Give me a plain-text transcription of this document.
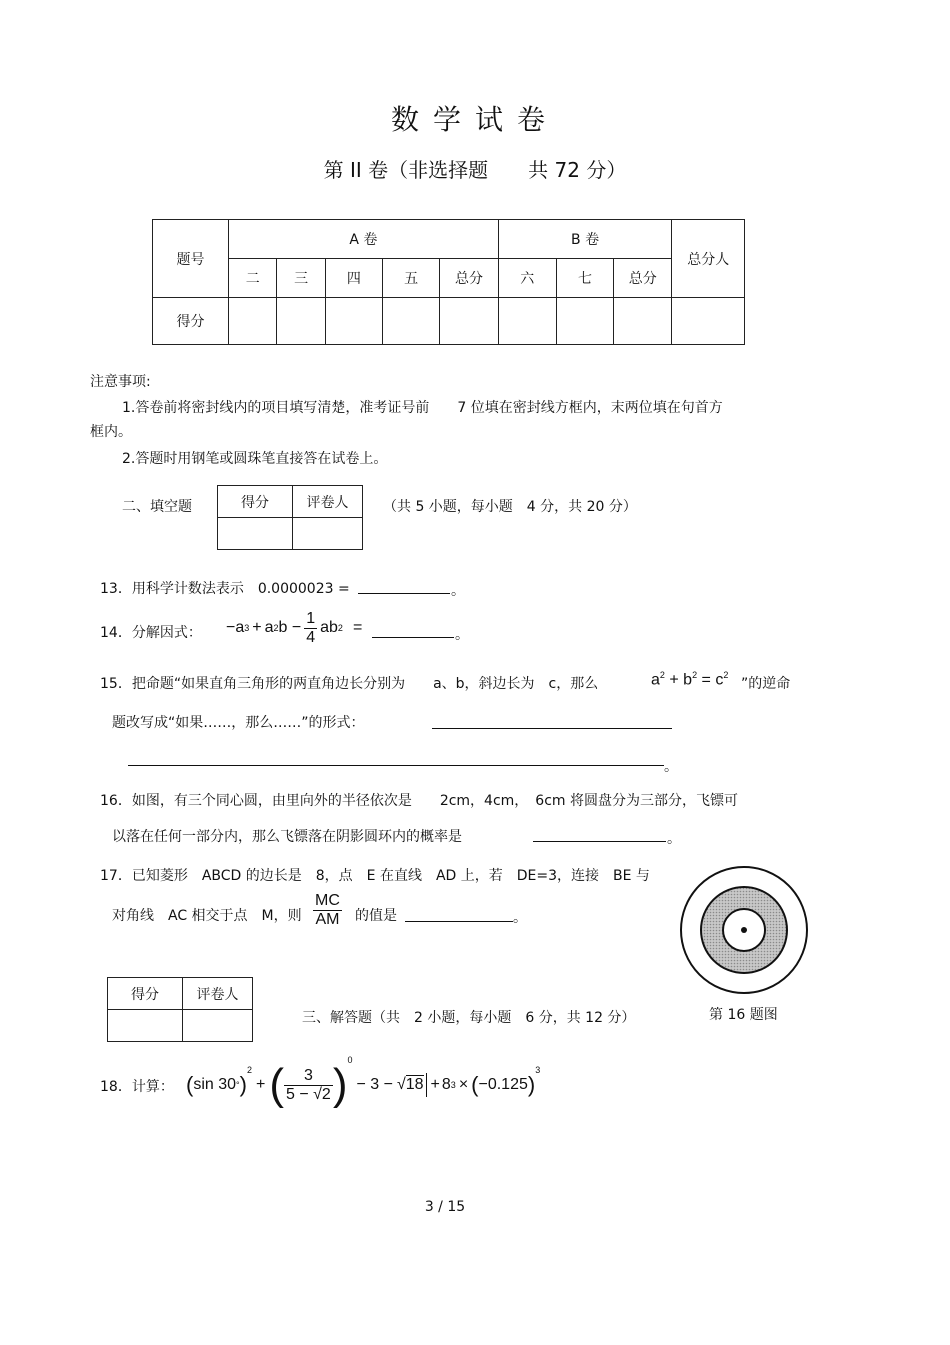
数学试卷
第 II 卷（非选择题　　共 72 分）
题号	A 卷					B 卷			总分人
	二	三	四	五	总分	六	七	总分	
得分									
注意事项:
1.答卷前将密封线内的项目填写清楚，准考证号前　　7 位填在密封线方框内，末两位填在句首方
框内。
2.答题时用钢笔或圆珠笔直接答在试卷上。
二、填空题	得分	评卷人
	（共 5 小题，每小题　4 分，共 20 分）
13．用科学计数法表示　0.0000023 =	。
14．分解因式： −a 3 + a 2 $b - \frac{1}{4}$ ab 2 =	。
15．把命题“如果直角三角形的两直角边长分别为　　a、b，斜边长为　c，那么	$a^2 + b^2 = c^2$
”的逆命
题改写成“如果……，那么……”的形式：
。
16．如图，有三个同心圆，由里向外的半径依次是　　2cm，4cm，　6cm 将圆盘分为三部分，飞镖可
以落在任何一部分内，那么飞镖落在阴影圆环内的概率是	。
17．已知菱形　ABCD 的边长是　8，点　E 在直线　AD 上，若　DE=3，连接　BE 与
对角线　AC 相交于点　M，则 $\frac{MC}{AM}$ 的值是	。
第 16 题图
得分	评卷人

三、解答题（共　2 小题，每小题　6 分，共 12 分）
18．计算： ( sin 30 ° )
$^2$
+ ( $\frac{3}{5 - √2} )^0$
− 3 − √18 + 8 3 × ( −0.125 )
$^3$
3 / 15
